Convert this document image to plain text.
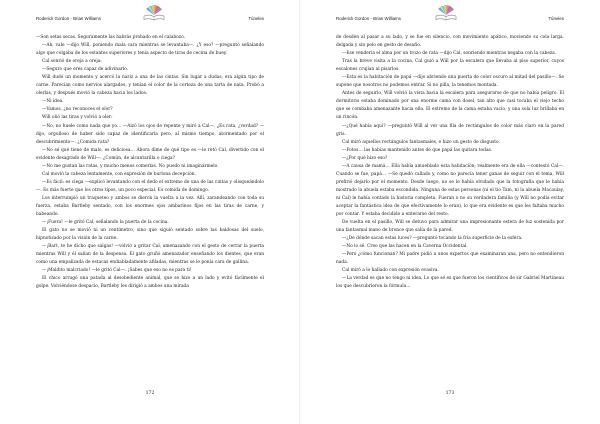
Roderick Gordon - Brian Williams	Túneles

—Son setas secas. Seguramente las habrás probado en el calabozo.

—Ah, vale —dijo Will, poniendo mala cara mientras se levantaba—. ¿Y eso? —preguntó señalando algo que colgaba de los estantes superiores y tenía aspecto de tiras de cecina de buey.

Cal sonrió de oreja a oreja:

—Seguro que eres capaz de adivinarlo.

Will dudó un momento y acercó la nariz a una de las cintas. Sin lugar a dudas, era algún tipo de carne. Parecían como nervios alargados, y tenían el color de la corteza de una tarta de nata. Probó a olerlas, y después movió la cabeza hacia los lados:

—Ni idea.

—Vamos, ¿no reconoces el olor?

Will olió las tiras y volvió a oler:

—No, no huele como nada que yo… —Alzó los ojos de repente y miró a Cal—. ¿Es rata, ¿verdad? —dijo, orgulloso de haber sido capaz de identificarla pero, al mismo tiempo, atormentado por el descubrimiento—. ¿Comida rata?

—No sé qué tiene de malo, es deliciosa… Ahora dime de qué tipo es —le retó Cal, divertido con el evidente desagrado de Will—. ¿Común, de alcantarilla o ciega?

—No me gustan las ratas, y mucho menos comerlas. No puedo ni imaginármelo.

Cal movió la cabeza lentamente, con expresión de burlona decepción.

—Es fácil: es ciega —explicó levantando con el dedo el extremo de una de las cintas y olisqueándolo—. Es más fuerte que los otros tipos, un poco especial. Es comida de domingo.

Los interrumpió un traqueteo y ambos se dieron la vuelta a la vez. Allí, zarandeando con toda su fuerza, estaba Bartleby sentado, con los enormes ojos ambarinos fijos en las tiras de carne, y babeando.

—¡Fuera! —le gritó Cal, señalando la puerta de la cocina.

El gato no se movió ni un centímetro, sino que siguió sentado sobre las baldosas del suelo, hipnotizado por la visión de la carne.

—¡Bart, te he dicho que salgas! —volvió a gritar Cal, amenazando con el gesto de cerrar la puerta mientras Will y él salían de la despensa. El gato gruñó amenazador enseñando los dientes, que eran como una empalizada de estacas endiabladamente afiladas, mientras se le ponía cara de gallina.

—¡Maldito malcriado! —le gritó Cal—. ¡Sabes que eso no es para ti!

El chico arrugó una patada al desobediente animal, que se hizo a un lado y evitó fácilmente el golpe. Volviéndose despacio, Bartleby les dirigió a ambos una mirada

172
Roderick Gordon - Brian Williams	Túneles

de desdén al pasar a su lado, y se fue en silencio, con movimiento apático, moviendo su cola larga, delgada y sin pelo en gesto de desafío.

—Ese vendería el alma por un trozo de rata —dijo Cal, sonriendo mientras negaba con la cabeza.

Tras la breve visita a la cocina, Cal guió a Will por la escalera que llevaba al piso superior, cuyos escalones crujían al pisarlos.

—Esta es la habitación de papá —dijo abriendo una puerta de color oscuro al mitad del pasillo—. Se supone que nosotros no podemos entrar. Si no pilla, la tenemos montada.

Antes de seguirlo, Will volvió la vista hacia la escalera para asegurarse de que no había peligro. El dormitorio estaba dominado por una enorme cama con dosel, tan alto que casi tocaba el viejo techo que se combaba amenazante hacia ella. El extremo de la cama estaba vacío, y una sola luz brillaba en un rincón.

—¿Qué había aquí? —preguntó Will al ver una fila de rectángulos de color más claro en la pared gris.

Cal miró aquellos rectángulos fantasmales, e hizo un gesto de disgusto.

—Fotos… las habías mantenido antes de que papá las quitara todas.

—¿Por qué hizo eso?

—A causa de mamá… Ella había amueblado esta habitación; realmente era de ella —contestó Cal—. Cuando se fue, papá… —Se quedó callado y, como no parecía tener ganas de seguir con el tema, Will prefirió dejarlo por el momento. Desde luego, no se le había olvidado que la fotografía que le había mostrado la abuela estaba escondida. Ninguna de estas personas (ni el tío Tam, ni la abuela Macaulay, ni Cal) le había contado la historia completa. Fueran o no su verdadera familia (y Will no podía evitar aceptar la fantástica idea de que efectivamente lo eran), lo que era evidente es que les faltaba mucho por contar. Y estaba decidido a enterarse del resto.

De vuelta en el pasillo, Will se detuvo para admirar una impresionante estera de luz sostenida por una fantasmal mano de bronce que salía de la pared.

—¿De dónde sacan estas luces? —preguntó tocando la fría superficie de la esfera.

—No lo sé. Creo que las hacen en la Caverna Occidental.

—Pero ¿cómo funcionan? Mi padre pidió a unos expertos que examinaran una, pero no entendieron nada.

Cal miró a lo hallado con expresión evasiva.

—La verdad es que no tengo ni idea. Lo que sé es que fueron los científicos de sir Gabriel Martineau los que descubrieron la fórmula…

173
